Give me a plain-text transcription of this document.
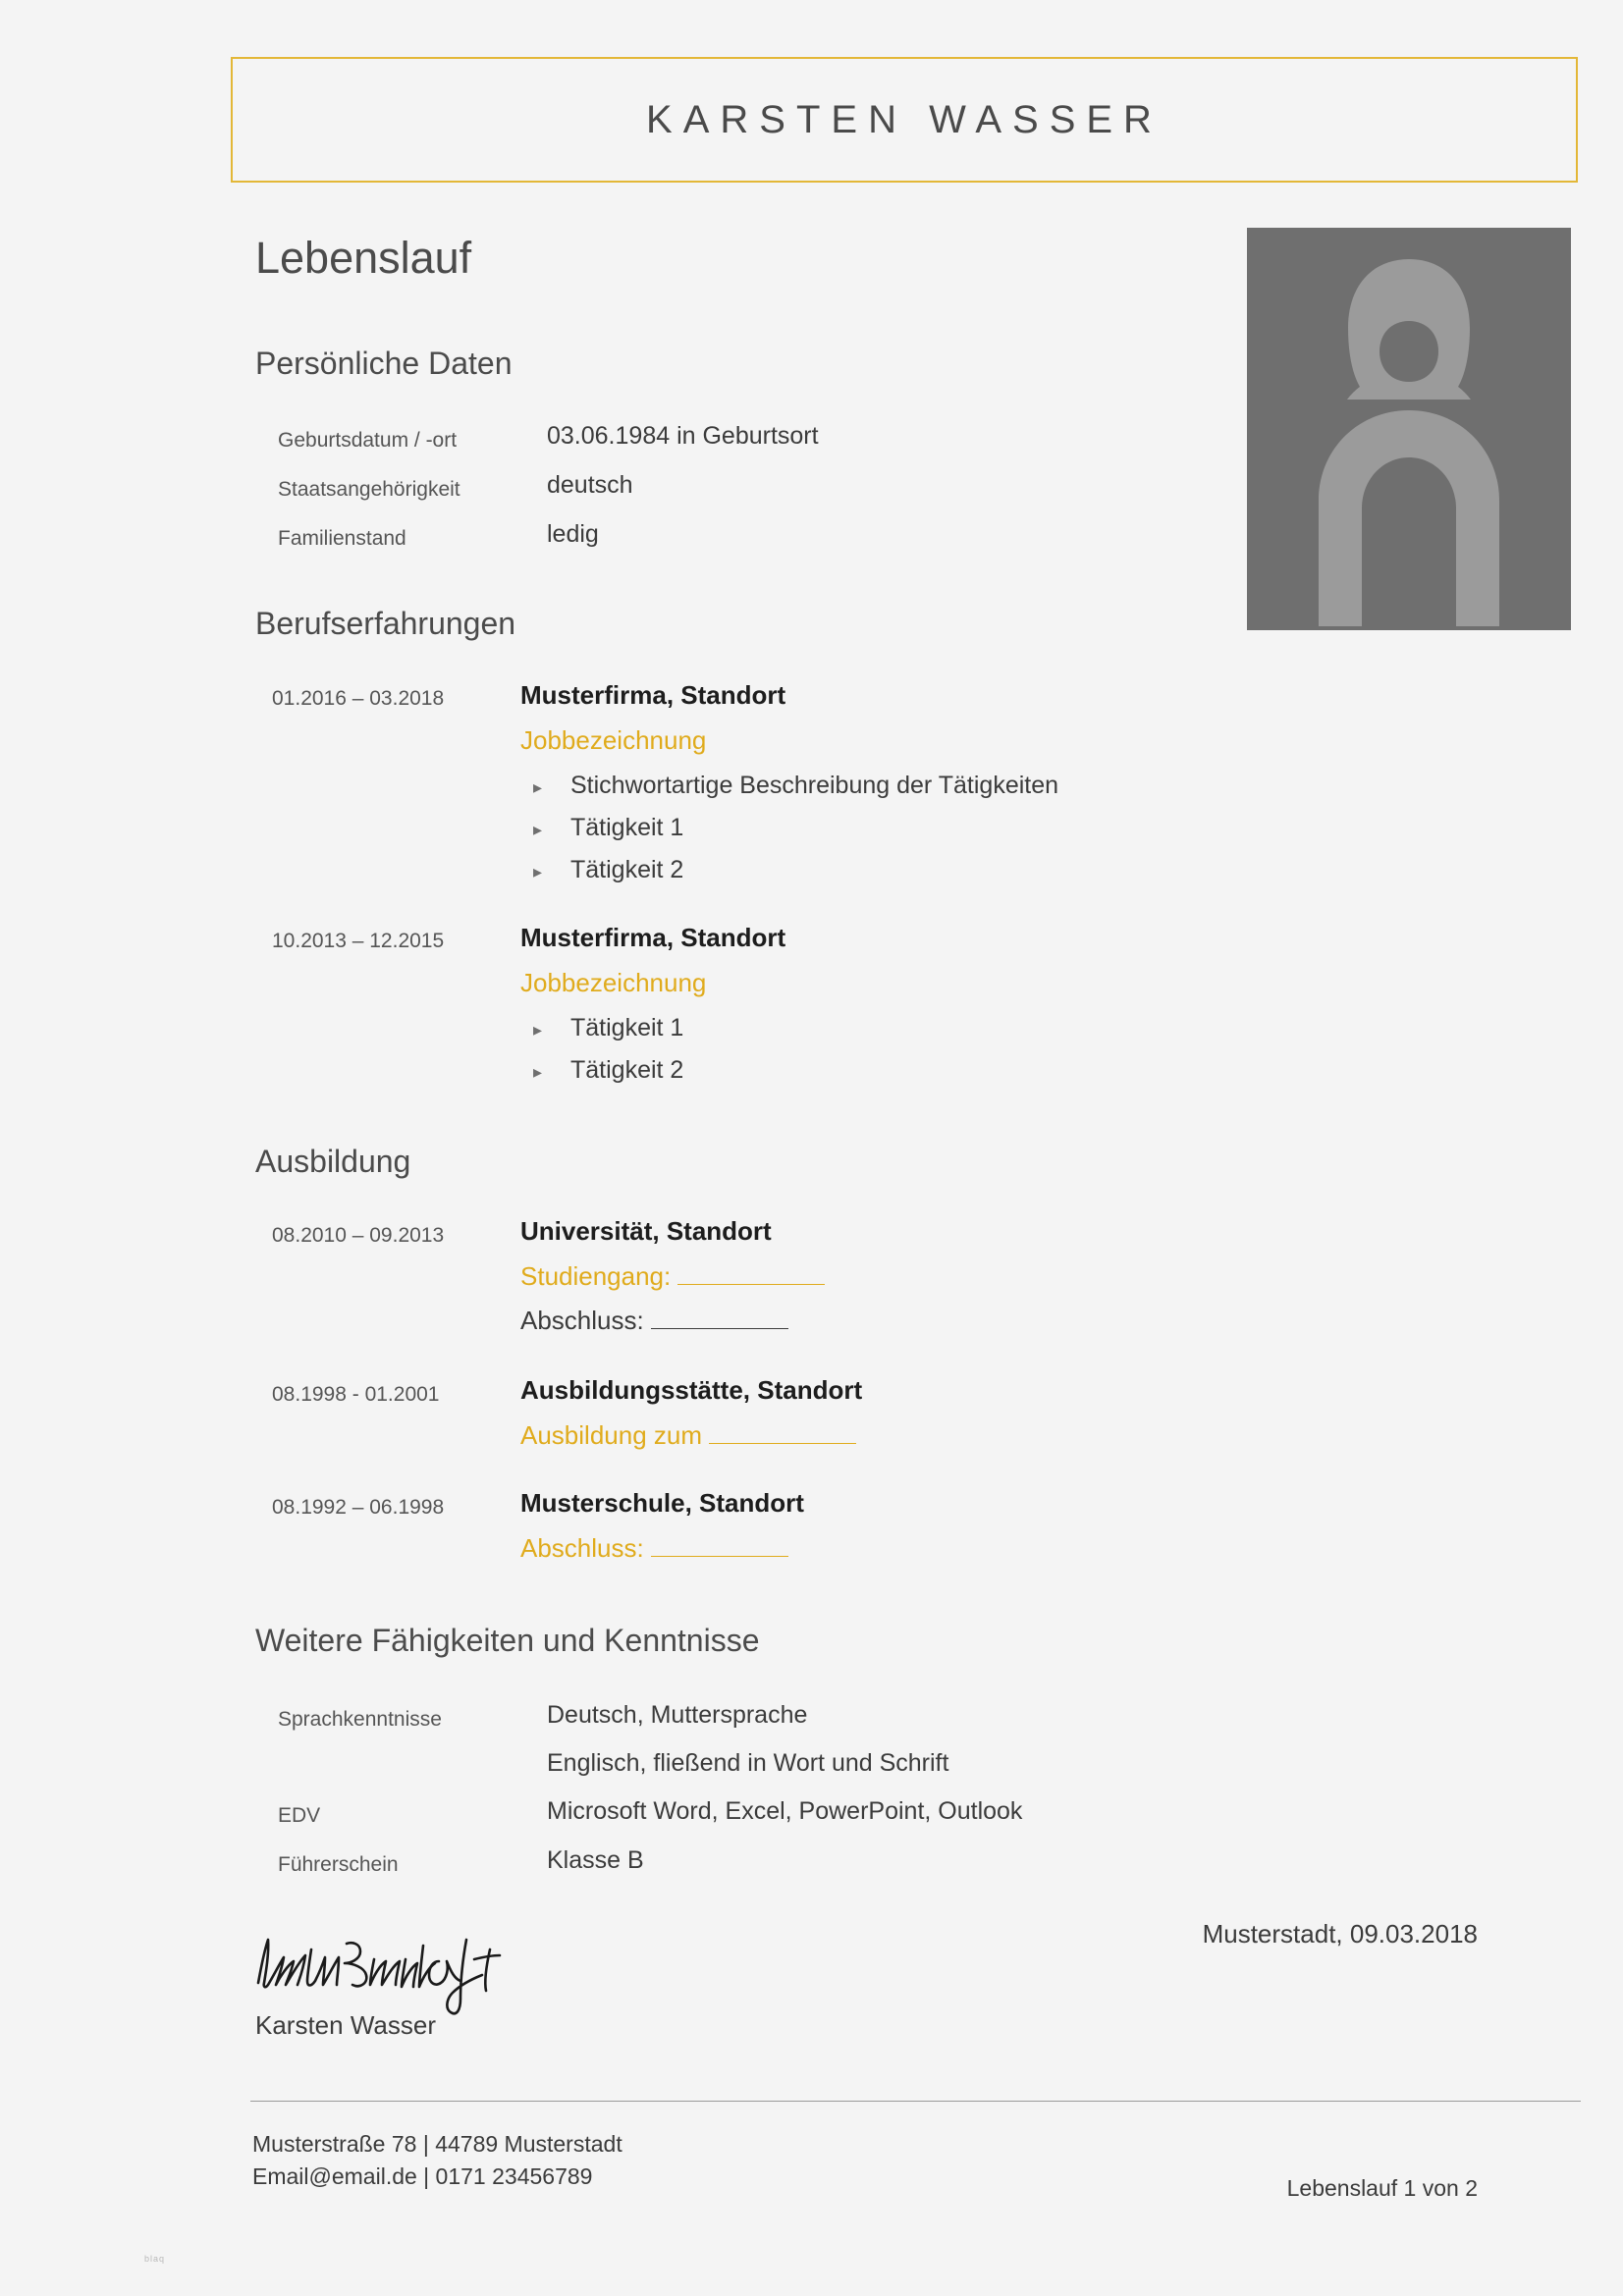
KARSTEN WASSER
Lebenslauf
Persönliche Daten
Geburtsdatum / -ort	03.06.1984 in Geburtsort
Staatsangehörigkeit	deutsch
Familienstand	ledig
Berufserfahrungen
01.2016 – 03.2018	Musterfirma, Standort
Jobbezeichnung
▸ Stichwortartige Beschreibung der Tätigkeiten
▸ Tätigkeit 1
▸ Tätigkeit 2
10.2013 – 12.2015	Musterfirma, Standort
Jobbezeichnung
▸ Tätigkeit 1
▸ Tätigkeit 2
Ausbildung
08.2010 – 09.2013	Universität, Standort
Studiengang:
Abschluss:
08.1998 - 01.2001	Ausbildungsstätte, Standort
Ausbildung zum
08.1992 – 06.1998	Musterschule, Standort
Abschluss:
Weitere Fähigkeiten und Kenntnisse
Sprachkenntnisse	Deutsch, Muttersprache
Englisch, fließend in Wort und Schrift
EDV	Microsoft Word, Excel, PowerPoint, Outlook
Führerschein	Klasse B
Musterstadt, 09.03.2018
Karsten Wasser
Musterstraße 78 | 44789 Musterstadt
Email@email.de | 0171 23456789	Lebenslauf 1 von 2
blaq
